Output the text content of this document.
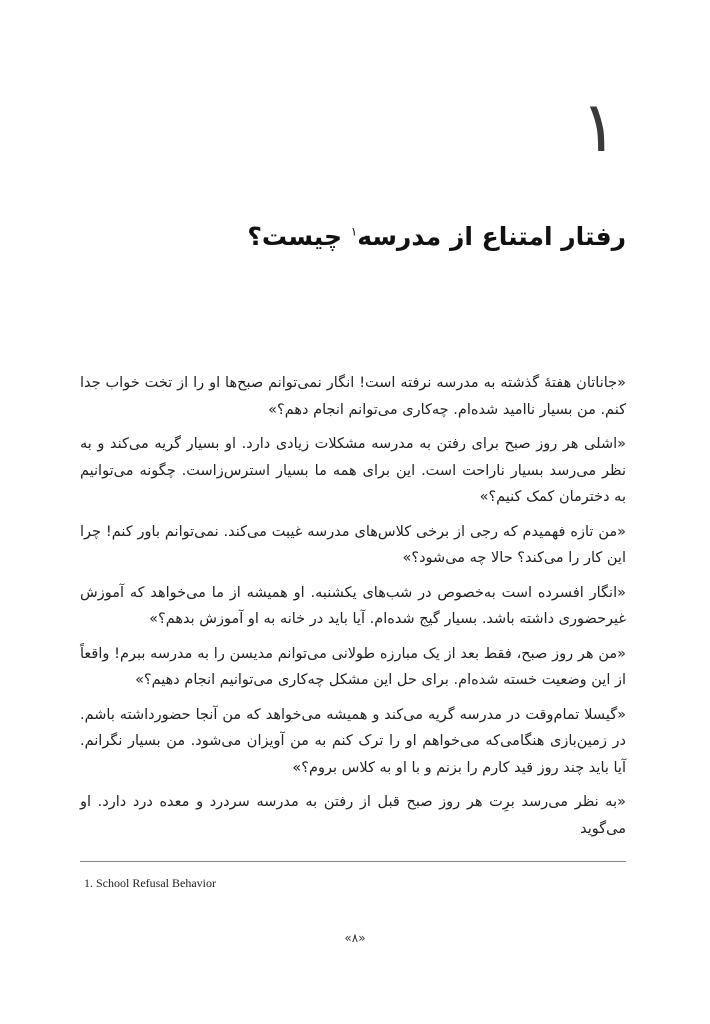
۱
رفتار امتناع از مدرسه$^۱$ چیست؟

«جاناتان هفتهٔ گذشته به مدرسه نرفته است! انگار نمی‌توانم صبح‌ها او را از تخت خواب جدا کنم. من بسیار ناامید شده‌ام. چه‌کاری می‌توانم انجام دهم؟»

«اشلی هر روز صبح برای رفتن به مدرسه مشکلات زیادی دارد. او بسیار گریه می‌کند و به نظر می‌رسد بسیار ناراحت است. این برای همه ما بسیار استرس‌زاست. چگونه می‌توانیم به دخترمان کمک کنیم؟»

«من تازه فهمیدم که رجی از برخی کلاس‌های مدرسه غیبت می‌کند. نمی‌توانم باور کنم! چرا این کار را می‌کند؟ حالا چه می‌شود؟»

«انگار افسرده است به‌خصوص در شب‌های یکشنبه. او همیشه از ما می‌خواهد که آموزش غیرحضوری داشته باشد. بسیار گیج شده‌ام. آیا باید در خانه به او آموزش بدهم؟»

«من هر روز صبح، فقط بعد از یک مبارزه طولانی می‌توانم مدیسن را به مدرسه ببرم! واقعاً از این وضعیت خسته شده‌ام. برای حل این مشکل چه‌کاری می‌توانیم انجام دهیم؟»

«گیسلا تمام‌وقت در مدرسه گریه می‌کند و همیشه می‌خواهد که من آنجا حضورداشته باشم. در زمین‌بازی هنگامی‌که می‌خواهم او را ترک کنم به من آویزان می‌شود. من بسیار نگرانم. آیا باید چند روز قید کارم را بزنم و با او به کلاس بروم؟»

«به نظر می‌رسد برِت هر روز صبح قبل از رفتن به مدرسه سردرد و معده درد دارد. او می‌گوید

1. School Refusal Behavior
«۸»
